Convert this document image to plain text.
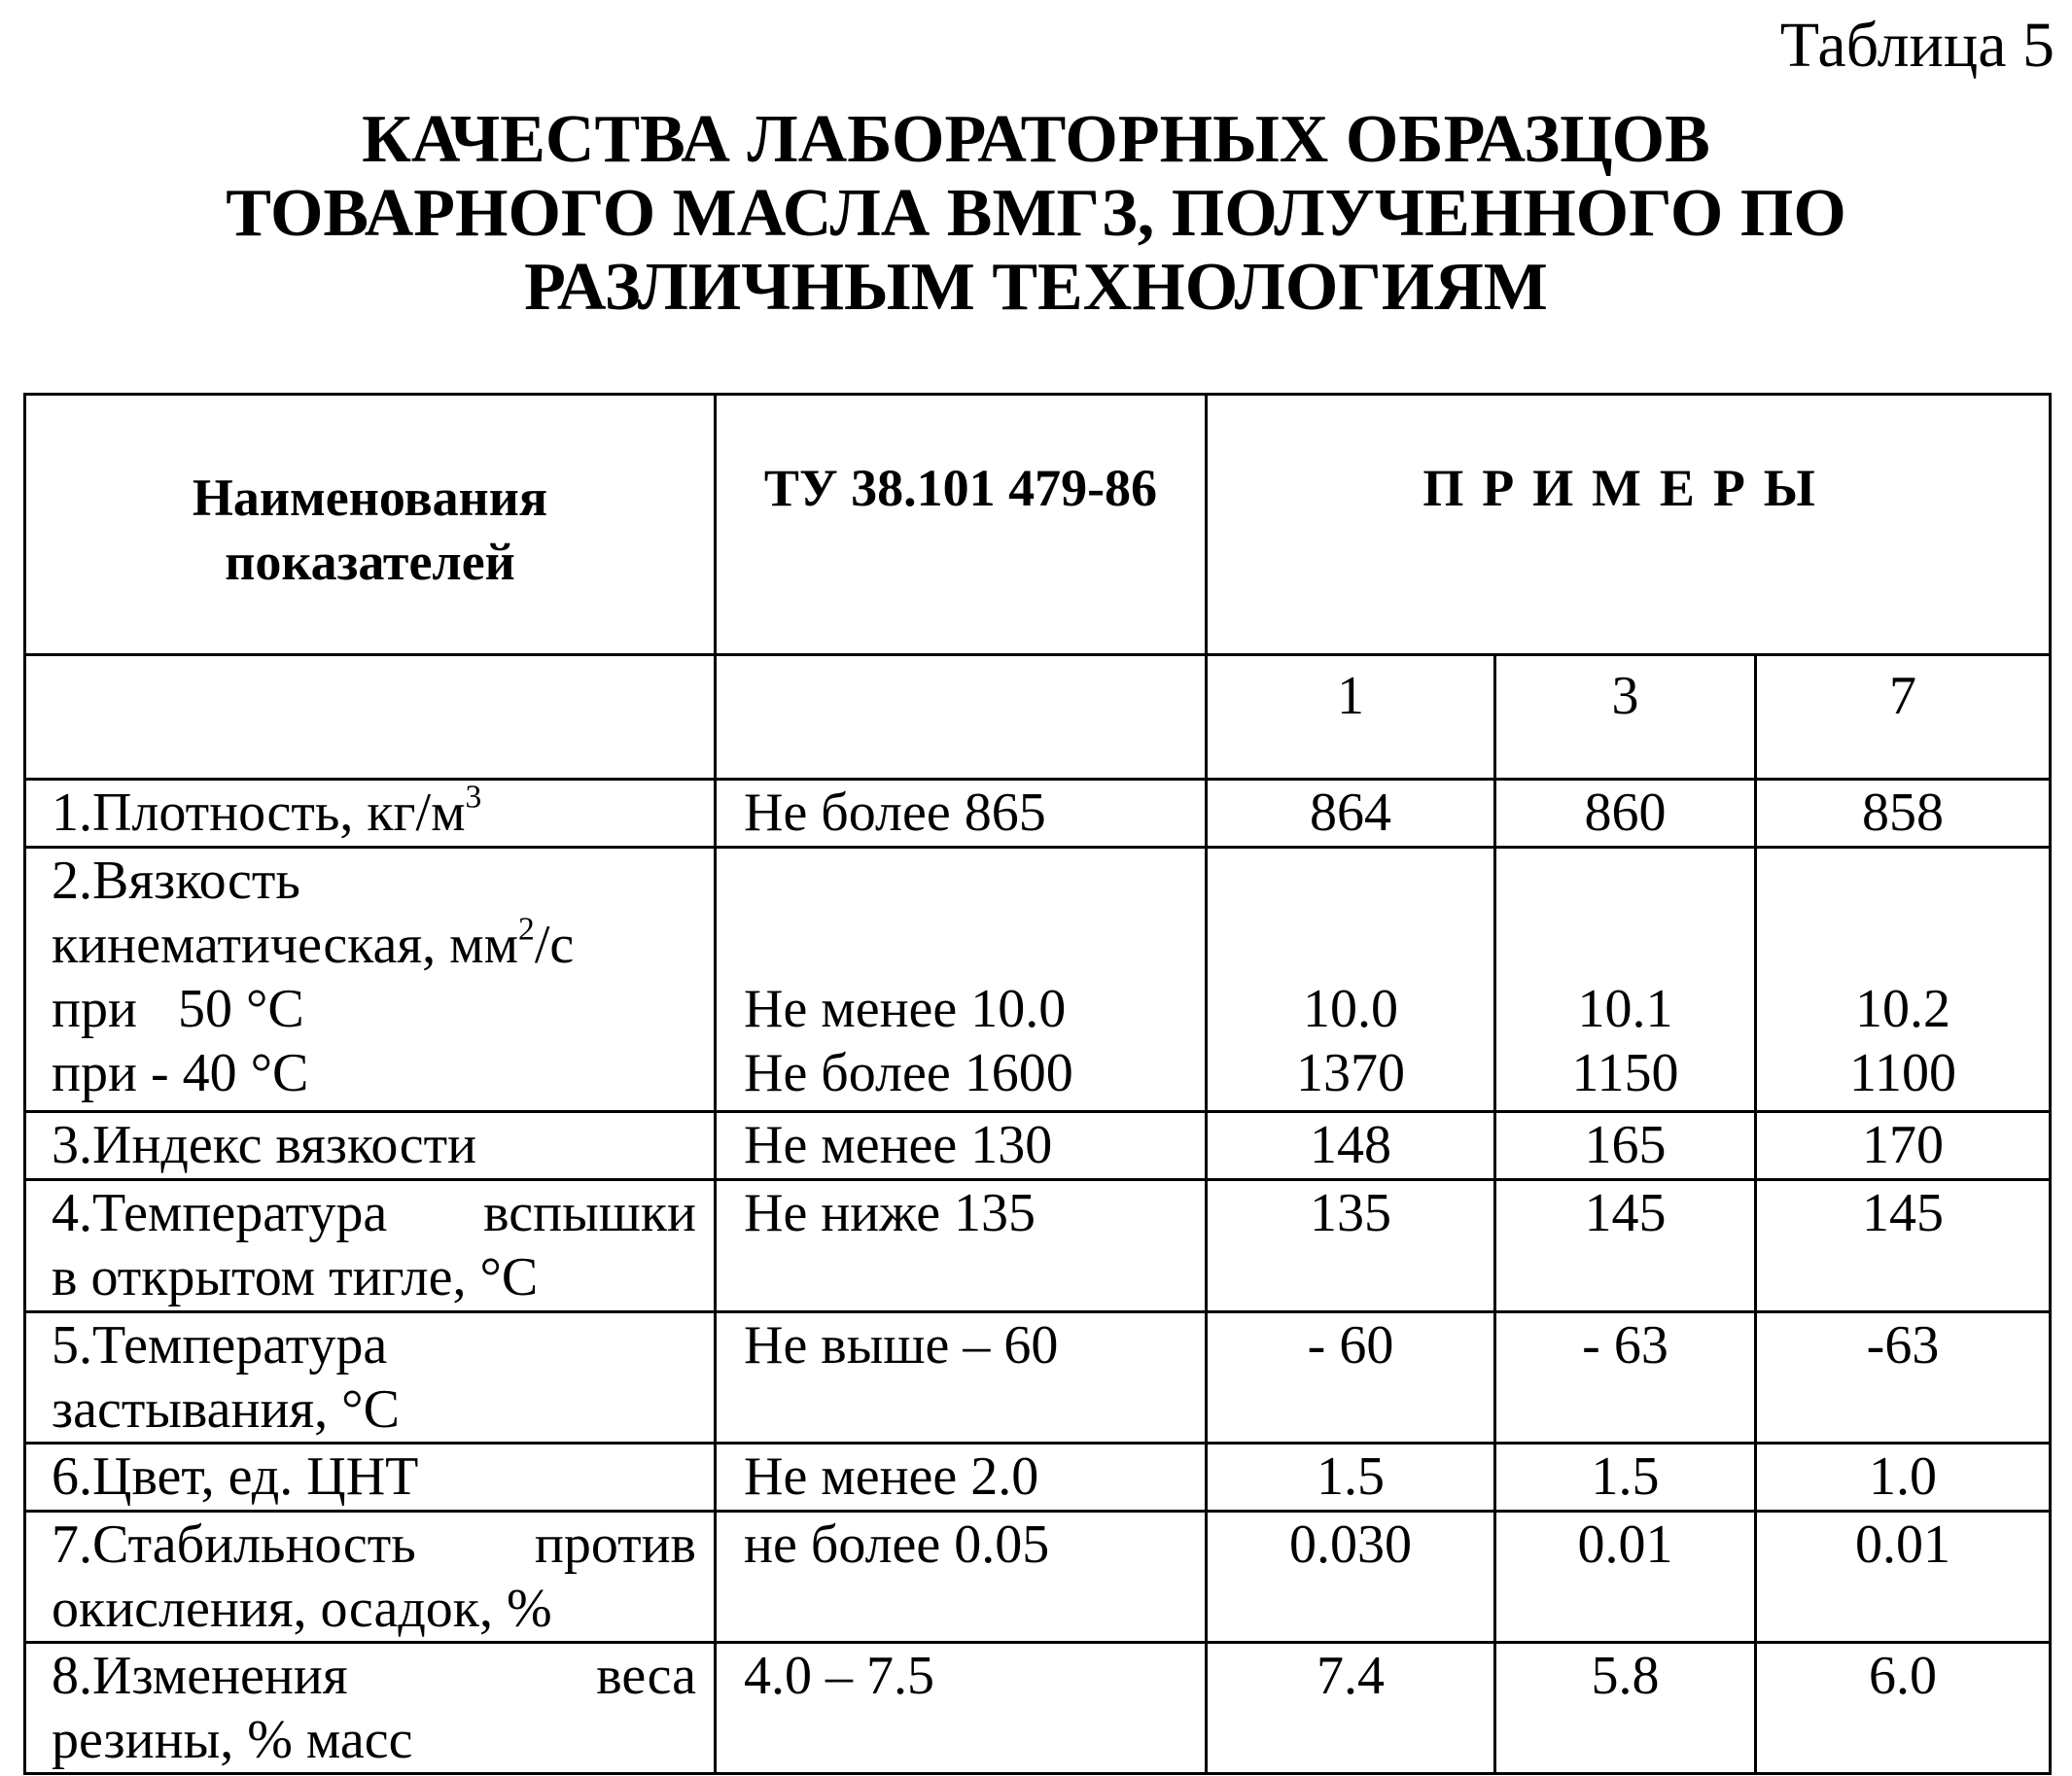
Таблица 5
КАЧЕСТВА ЛАБОРАТОРНЫХ ОБРАЗЦОВ
ТОВАРНОГО МАСЛА ВМГЗ, ПОЛУЧЕННОГО ПО
РАЗЛИЧНЫМ ТЕХНОЛОГИЯМ
Наименования
показателей
	ТУ 38.101 479-86	ПРИМЕРЫ
		1	3	7
1.Плотность, кг/м3	Не более 865	864	860	858

2.Вязкость
кинематическая, мм2/с
при   50 °С
при - 40 °С

Не менее 10.0
Не более 1600

10.0
1370

10.1
1150

10.2
1100

3.Индекс вязкости	Не менее 130	148	165	170

4.Температура вспышки
в открытом тигле, °С
	Не ниже 135	135	145	145

5.Температура
застывания, °С
	Не выше – 60	- 60	- 63	-63
6.Цвет, ед. ЦНТ	Не менее 2.0	1.5	1.5	1.0

7.Стабильность против
окисления, осадок, %
	не более 0.05	0.030	0.01	0.01

8.Изменения веса
резины, % масс
	4.0 – 7.5	7.4	5.8	6.0
